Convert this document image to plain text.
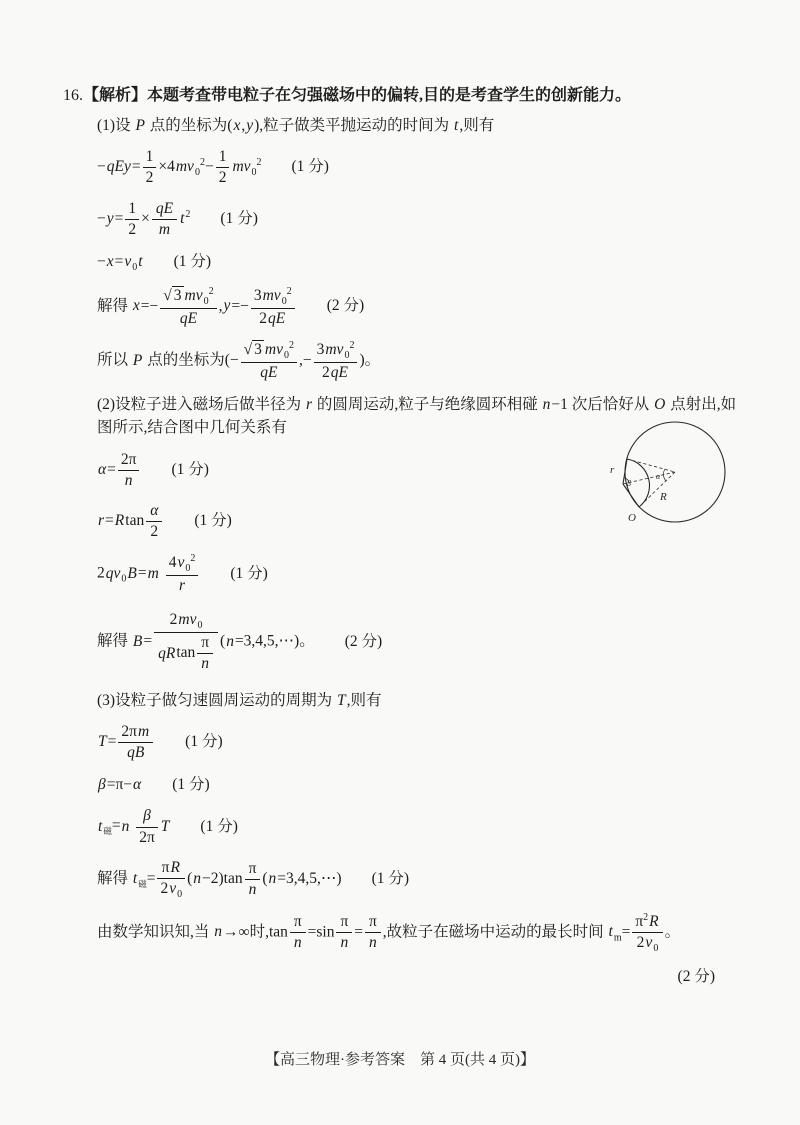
16.【解析】本题考查带电粒子在匀强磁场中的偏转,目的是考查学生的创新能力。
(1)设 P 点的坐标为(x,y),粒子做类平抛运动的时间为 t,则有
$-qEy= \frac{1}{2} \times 4mv_0^2- \frac{1}{2} mv_0^2$ (1 分)
$-y= \frac{1}{2} \times \frac{qE}{m} t^2$ (1 分)
$-x=v_0t$ (1 分)
解得 $x=- \frac{√ 3 mv_0^2}{qE} ,y=- \frac{3mv_0^2}{2qE} (2$ 分)
所以 P 点的坐标为(− $\frac{√ 3 mv_0^2}{qE}$ ,− $\frac{3mv_0^2}{2qE}$ )。
(2)设粒子进入磁场后做半径为 r 的圆周运动,粒子与绝缘圆环相碰 n−1 次后恰好从 O 点射出,如图所示,结合图中几何关系有
$\alpha= \frac{2\pi}{n} (1$ 分)
$r=Rtan \frac{\alpha}{2} (1$ 分)
$2qv_0B=m \frac{4v_0^2}{r} (1$ 分)
解得 $B= \frac{2mv_0}{qRtan \frac{\pi}{n}}$ (n=3,4,5,⋯)。 (2 分)
(3)设粒子做匀速圆周运动的周期为 T,则有
$T= \frac{2\pi m}{qB} (1$ 分)
β=π−α (1 分)
$t_磁=n \frac{\beta}{2\pi}$ T (1 分)
解得 $t_磁= \frac{\pi R}{2v_0} (n-2)\tan \frac{\pi}{n}$ (n=3,4,5,⋯) (1 分)
由数学知识知,当 n→∞时$,\tan \frac{\pi}{n} =\sin \frac{\pi}{n} = \frac{\pi}{n}$ ,故粒子在磁场中运动的最长时间 $t_m= \frac{\pi^2R}{2v_0}$ 。
(2 分)
r
α
β
R
O
【高三物理·参考答案　第 4 页(共 4 页)】
